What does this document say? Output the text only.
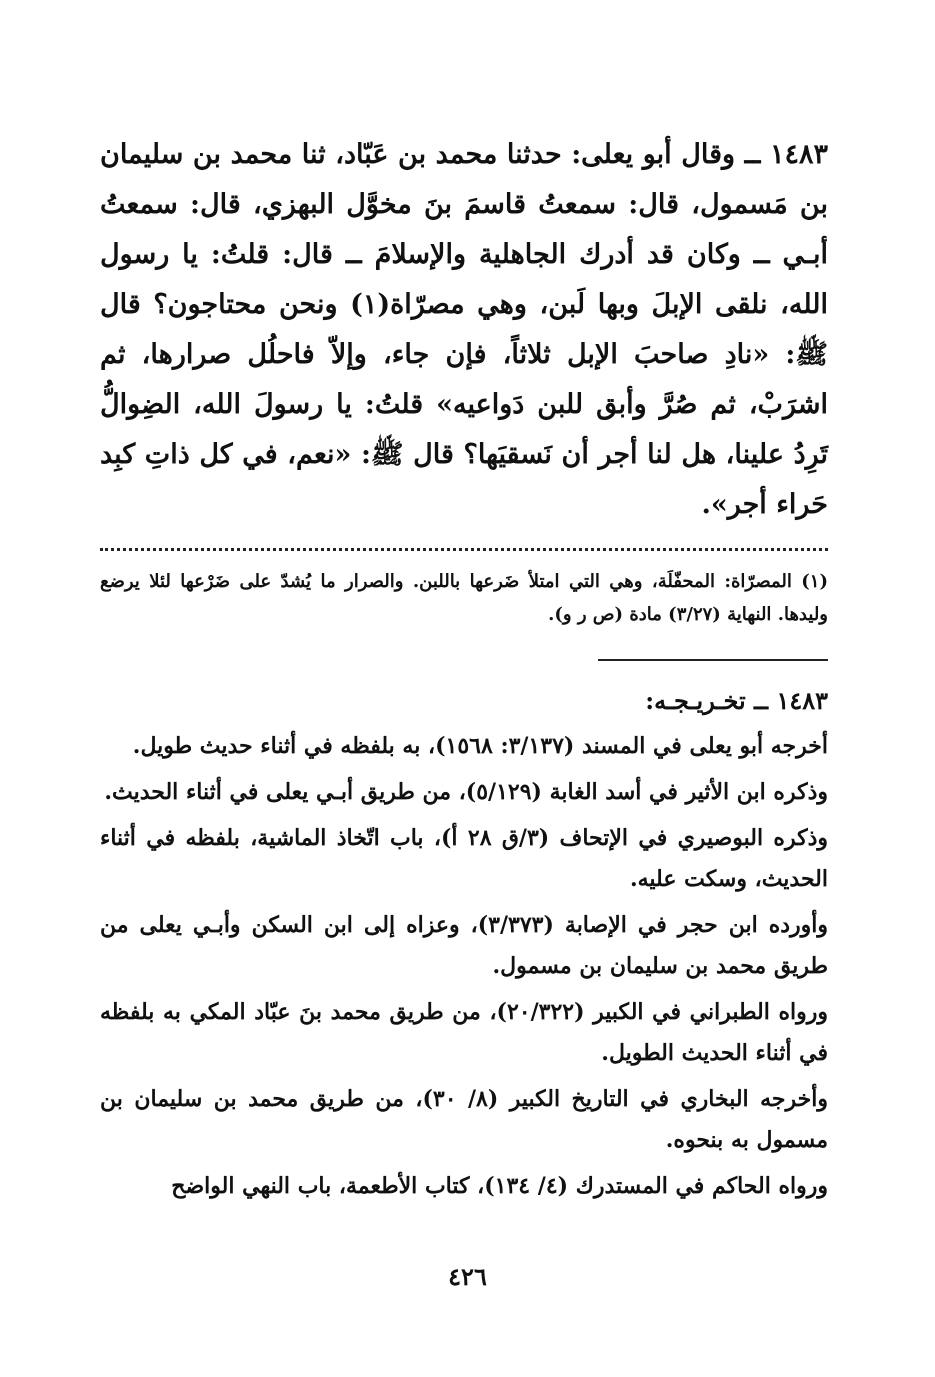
١٤٨٣ ــ وقال أبو يعلى: حدثنا محمد بن عَبّاد، ثنا محمد بن سليمان بن مَسمول، قال: سمعتُ قاسمَ بنَ مخوَّل البهزي، قال: سمعتُ أبـي ــ وكان قد أدرك الجاهلية والإسلامَ ــ قال: قلتُ: يا رسول الله، نلقى الإبلَ وبها لَبن، وهي مصرّاة(١) ونحن محتاجون؟ قال ﷺ: «نادِ صاحبَ الإبل ثلاثاً، فإن جاء، وإلاّ فاحلُل صرارها، ثم اشرَبْ، ثم صُرَّ وأبق للبن دَواعيه» قلتُ: يا رسولَ الله، الضِوالُّ تَرِدُ علينا، هل لنا أجر أن نَسقيَها؟ قال ﷺ: «نعم، في كل ذاتِ كبِد حَراء أجر».

(١) المصرّاة: المحفّلَة، وهي التي امتلأ ضَرعها باللبن. والصرار ما يُشدّ على ضَرْعها لئلا يرضع وليدها. النهاية (٣/٢٧) مادة (ص ر و).

١٤٨٣ ــ تخـريـجـه:

أخرجه أبو يعلى في المسند (٣/١٣٧: ١٥٦٨)، به بلفظه في أثناء حديث طويل.

وذكره ابن الأثير في أسد الغابة (٥/١٢٩)، من طريق أبـي يعلى في أثناء الحديث.

وذكره البوصيري في الإتحاف (٣/ق ٢٨ أ)، باب اتّخاذ الماشية، بلفظه في أثناء الحديث، وسكت عليه.

وأورده ابن حجر في الإصابة (٣/٣٧٣)، وعزاه إلى ابن السكن وأبـي يعلى من طريق محمد بن سليمان بن مسمول.

ورواه الطبراني في الكبير (٢٠/٣٢٢)، من طريق محمد بنَ عبّاد المكي به بلفظه في أثناء الحديث الطويل.

وأخرجه البخاري في التاريخ الكبير (٨/ ٣٠)، من طريق محمد بن سليمان بن مسمول به بنحوه.

ورواه الحاكم في المستدرك (٤/ ١٣٤)، كتاب الأطعمة، باب النهي الواضح

٤٢٦
